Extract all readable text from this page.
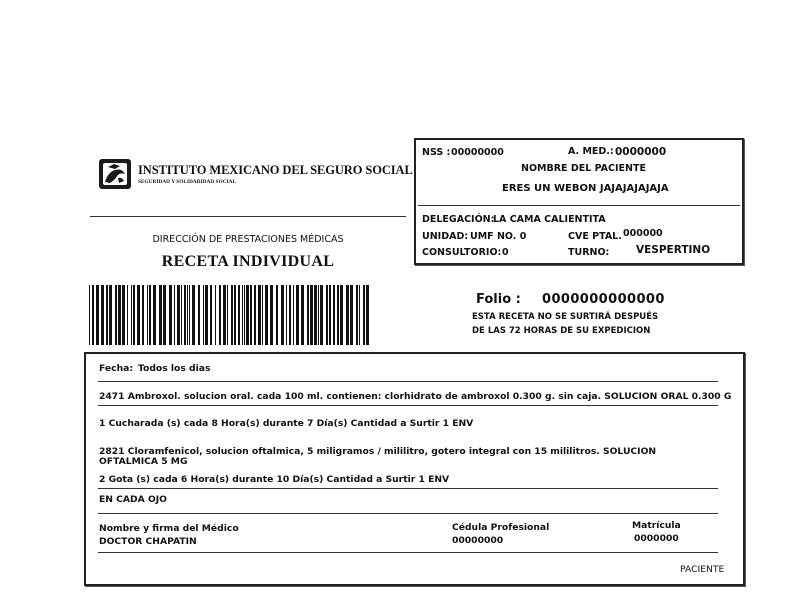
INSTITUTO MEXICANO DEL SEGURO SOCIAL
SEGURIDAD Y SOLIDARIDAD SOCIAL
DIRECCIÓN DE PRESTACIONES MÉDICAS
RECETA INDIVIDUAL
NSS : 00000000	A. MED.: 0000000
NOMBRE DEL PACIENTE
ERES UN WEBON JAJAJAJAJAJA
DELEGACIÓN:
LA CAMA CALIENTITA
UNIDAD: UMF NO. 0	CVE PTAL. 000000
CONSULTORIO: 0	TURNO:	VESPERTINO
Folio : 0000000000000
ESTA RECETA NO SE SURTIRÁ DESPUÉS
DE LAS 72 HORAS DE SU EXPEDICION
Fecha: Todos los dias
2471 Ambroxol. solucion oral. cada 100 ml. contienen: clorhidrato de ambroxol 0.300 g. sin caja. SOLUCION ORAL 0.300 G
1 Cucharada (s) cada 8 Hora(s) durante 7 Día(s) Cantidad a Surtir 1 ENV
2821 Cloramfenicol, solucion oftalmica, 5 miligramos / mililitro, gotero integral con 15 mililitros. SOLUCION OFTALMICA 5 MG
2 Gota (s) cada 6 Hora(s) durante 10 Día(s) Cantidad a Surtir 1 ENV
EN CADA OJO
Nombre y firma del Médico
DOCTOR CHAPATIN
Cédula Profesional
00000000
Matrícula
0000000
PACIENTE
